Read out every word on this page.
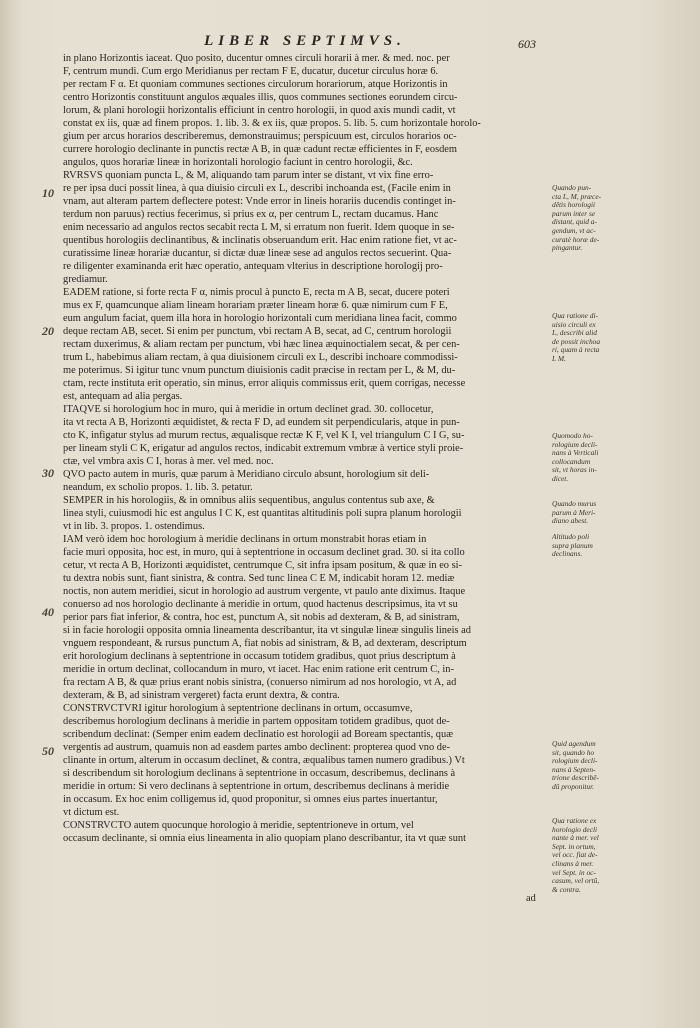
LIBER SEPTIMVS.	603

in plano Horizontis iaceat. Quo posito, ducentur omnes circuli horarii à mer. & med. noc. per

F, centrum mundi. Cum ergo Meridianus per rectam F E, ducatur, ducetur circulus horæ 6.

per rectam F α. Et quoniam communes sectiones circulorum horariorum, atque Horizontis in

centro Horizontis constituunt angulos æquales illis, quos communes sectiones eorundem circu-

lorum, & plani horologii horizontalis efficiunt in centro horologii, in quod axis mundi cadit, vt

constat ex iis, quæ ad finem propos. 1. lib. 3. & ex iis, quæ propos. 5. lib. 5. cum horizontale horolo-

gium per arcus horarios describeremus, demonstrauimus; perspicuum est, circulos horarios oc-

currere horologio declinante in punctis rectæ A B, in quæ cadunt rectæ efficientes in F, eosdem

angulos, quos horariæ lineæ in horizontali horologio faciunt in centro horologii, &c.

RVRSVS quoniam puncta L, & M, aliquando tam parum inter se distant, vt vix fine erro-

re per ipsa duci possit linea, à qua diuisio circuli ex L, describi inchoanda est, (Facile enim in

vnam, aut alteram partem deflectere potest: Vnde error in lineis horariis ducendis continget in-

terdum non paruus) rectius fecerimus, si prius ex α, per centrum L, rectam ducamus. Hanc

enim necessario ad angulos rectos secabit recta L M, si erratum non fuerit. Idem quoque in se-

quentibus horologiis declinantibus, & inclinatis obseruandum erit. Hac enim ratione fiet, vt ac-

curatissime lineæ horariæ ducantur, si dictæ duæ lineæ sese ad angulos rectos secuerint. Qua-

re diligenter examinanda erit hæc operatio, antequam vlterius in descriptione horologij pro-

grediamur.

EADEM ratione, si forte recta F α, nimis procul à puncto E, recta m A B, secat, ducere poteri

mus ex F, quamcunque aliam lineam horariam præter lineam horæ 6. quæ nimirum cum F E,

eum angulum faciat, quem illa hora in horologio horizontali cum meridiana linea facit, commo

deque rectam AB, secet. Si enim per punctum, vbi rectam A B, secat, ad C, centrum horologii

rectam duxerimus, & aliam rectam per punctum, vbi hæc linea æquinoctialem secat, & per cen-

trum L, habebimus aliam rectam, à qua diuisionem circuli ex L, describi inchoare commodissi-

me poterimus. Si igitur tunc vnum punctum diuisionis cadit præcise in rectam per L, & M, du-

ctam, recte instituta erit operatio, sin minus, error aliquis commissus erit, quem corrigas, necesse

est, antequam ad alia pergas.

ITAQVE si horologium hoc in muro, qui à meridie in ortum declinet grad. 30. collocetur,

ita vt recta A B, Horizonti æquidistet, & recta F D, ad eundem sit perpendicularis, atque in pun-

cto K, infigatur stylus ad murum rectus, æqualisque rectæ K F, vel K I, vel triangulum C I G, su-

per lineam styli C K, erigatur ad angulos rectos, indicabit extremum vmbræ à vertice styli proie-

ctæ, vel vmbra axis C I, horas à mer. vel med. noc.

QVO pacto autem in muris, quæ parum à Meridiano circulo absunt, horologium sit deli-

neandum, ex scholio propos. 1. lib. 3. petatur.

SEMPER in his horologiis, & in omnibus aliis sequentibus, angulus contentus sub axe, &

linea styli, cuiusmodi hic est angulus I C K, est quantitas altitudinis poli supra planum horologii

vt in lib. 3. propos. 1. ostendimus.

IAM verò idem hoc horologium à meridie declinans in ortum monstrabit horas etiam in

facie muri opposita, hoc est, in muro, qui à septentrione in occasum declinet grad. 30. si ita collo

cetur, vt recta A B, Horizonti æquidistet, centrumque C, sit infra ipsam positum, & quæ in eo si-

tu dextra nobis sunt, fiant sinistra, & contra. Sed tunc linea C E M, indicabit horam 12. mediæ

noctis, non autem meridiei, sicut in horologio ad austrum vergente, vt paulo ante diximus. Itaque

conuerso ad nos horologio declinante à meridie in ortum, quod hactenus descripsimus, ita vt su

perior pars fiat inferior, & contra, hoc est, punctum A, sit nobis ad dexteram, & B, ad sinistram,

si in facie horologii opposita omnia lineamenta describantur, ita vt singulæ lineæ singulis lineis ad

vnguem respondeant, & rursus punctum A, fiat nobis ad sinistram, & B, ad dexteram, descriptum

erit horologium declinans à septentrione in occasum totidem gradibus, quot prius descriptum à

meridie in ortum declinat, collocandum in muro, vt iacet. Hac enim ratione erit centrum C, in-

fra rectam A B, & quæ prius erant nobis sinistra, (conuerso nimirum ad nos horologio, vt A, ad

dexteram, & B, ad sinistram vergeret) facta erunt dextra, & contra.

CONSTRVCTVRI igitur horologium à septentrione declinans in ortum, occasumve,

describemus horologium declinans à meridie in partem oppositam totidem gradibus, quot de-

scribendum declinat: (Semper enim eadem declinatio est horologii ad Boream spectantis, quæ

vergentis ad austrum, quamuis non ad easdem partes ambo declinent: propterea quod vno de-

clinante in ortum, alterum in occasum declinet, & contra, æqualibus tamen numero gradibus.) Vt

si describendum sit horologium declinans à septentrione in occasum, describemus, declinans à

meridie in ortum: Si vero declinans à septentrione in ortum, describemus declinans à meridie

in occasum. Ex hoc enim colligemus id, quod proponitur, si omnes eius partes inuertantur,

vt dictum est.

CONSTRVCTO autem quocunque horologio à meridie, septentrioneve in ortum, vel

occasum declinante, si omnia eius lineamenta in alio quopiam plano describantur, ita vt quæ sunt

10
20
30
40
50
Quando pun-
cta L, M, præce-
dētis horologii
parum inter se
distant, quid a-
gendum, vt ac-
curatè horæ de-
pingantur.
Qua ratione di-
uisio circuli ex
L, describi alid
de possit inchoa
ri, quam à recta
L M.
Quomodo ho-
rologium decli-
nans à Verticali
collocandum
sit, vt horas in-
dicet.
Quando murus
parum à Meri-
diano abest.
Altitudo poli
supra planum
declinans.
Quid agendum
sit, quando ho
rologium decli-
nans à Septen-
trione describē-
dū proponitur.
Qua ratione ex
horologio decli
nante à mer. vel
Sept. in ortum,
vel occ. fiat de-
clinans à mer.
vel Sept. in oc-
casum, vel ortū,
& contra.
ad
